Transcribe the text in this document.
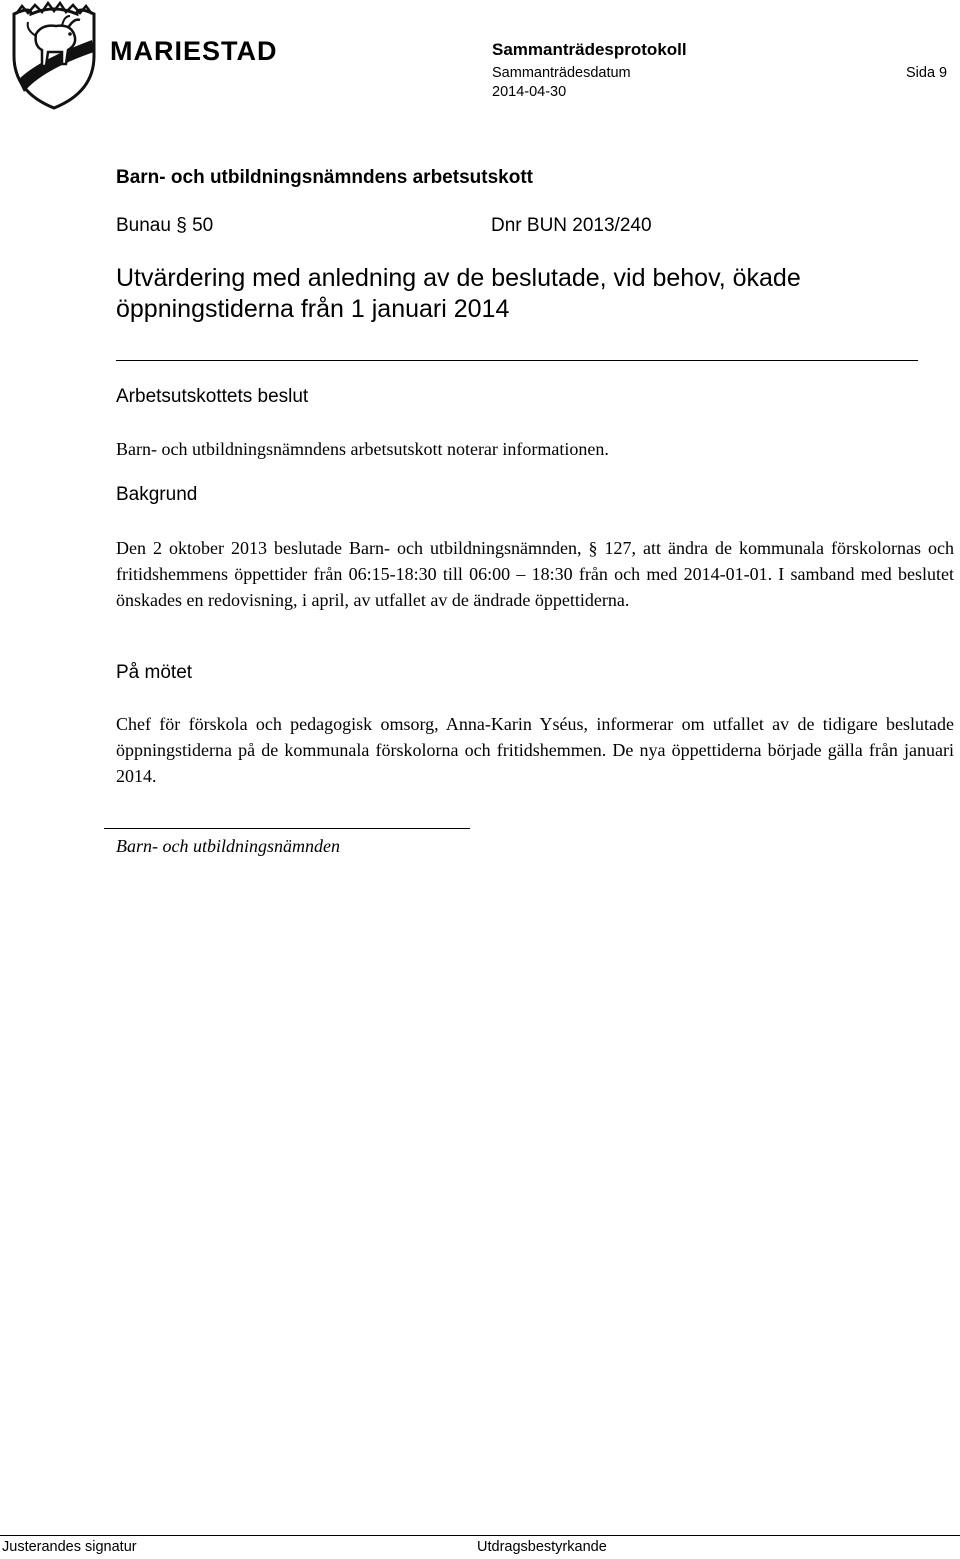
MARIESTAD	Sammanträdesprotokoll
Sammanträdesdatum
2014-04-30
Sida 9
Barn- och utbildningsnämndens arbetsutskott
Bunau § 50	Dnr BUN 2013/240
Utvärdering med anledning av de beslutade, vid behov, ökade öppningstiderna från 1 januari 2014
Arbetsutskottets beslut
Barn- och utbildningsnämndens arbetsutskott noterar informationen.
Bakgrund
Den 2 oktober 2013 beslutade Barn- och utbildningsnämnden, § 127, att ändra de kommunala förskolornas och fritidshemmens öppettider från 06:15-18:30 till 06:00 – 18:30 från och med 2014-01-01. I samband med beslutet önskades en redovisning, i april, av utfallet av de ändrade öppettiderna.
På mötet
Chef för förskola och pedagogisk omsorg, Anna-Karin Yséus, informerar om utfallet av de tidigare beslutade öppningstiderna på de kommunala förskolorna och fritidshemmen. De nya öppettiderna började gälla från januari 2014.
Barn- och utbildningsnämnden
Justerandes signatur	Utdragsbestyrkande
